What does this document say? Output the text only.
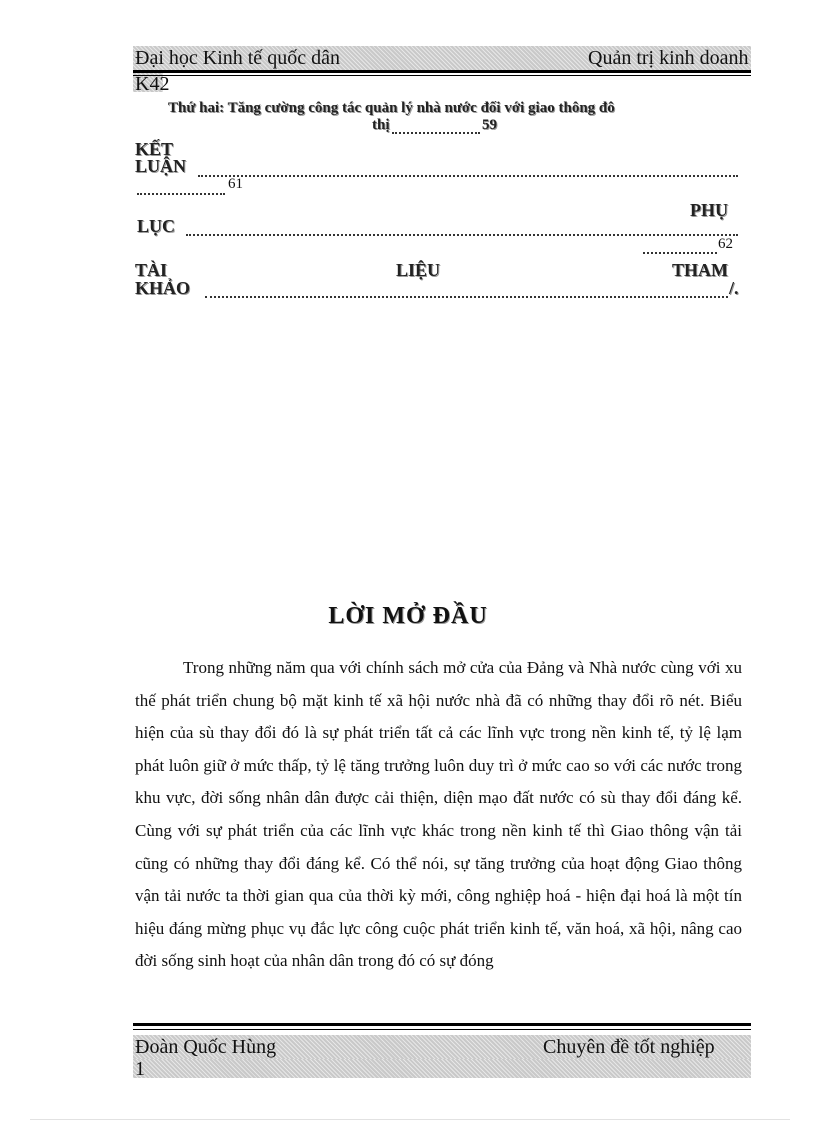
Đại học Kinh tế quốc dân	Quản trị kinh doanh
K42
Thứ hai: Tăng cường công tác quản lý nhà nước đối với giao thông đô
thị	59
KẾT
LUẬN
61
PHỤ
LỤC
62
TÀI	LIỆU	THAM
KHẢO	/.
LỜI MỞ ĐẦU

Trong những năm qua với chính sách mở cửa của Đảng và Nhà nước cùng với xu thế phát triển chung bộ mặt kinh tế xã hội nước nhà đã có những thay đổi rõ nét. Biểu hiện của sù thay đổi đó là sự phát triển tất cả các lĩnh vực trong nền kinh tế, tỷ lệ lạm phát luôn giữ ở mức thấp, tỷ lệ tăng trưởng luôn duy trì ở mức cao so với các nước trong khu vực, đời sống nhân dân được cải thiện, diện mạo đất nước có sù thay đổi đáng kể. Cùng với sự phát triển của các lĩnh vực khác trong nền kinh tế thì Giao thông vận tải cũng có những thay đổi đáng kể. Có thể nói, sự tăng trưởng của hoạt động Giao thông vận tải nước ta thời gian qua của thời kỳ mới, công nghiệp hoá - hiện đại hoá là một tín hiệu đáng mừng phục vụ đắc lực công cuộc phát triển kinh tế, văn hoá, xã hội, nâng cao đời sống sinh hoạt của nhân dân trong đó có sự đóng

Đoàn Quốc Hùng	Chuyên đề tốt nghiệp
1
